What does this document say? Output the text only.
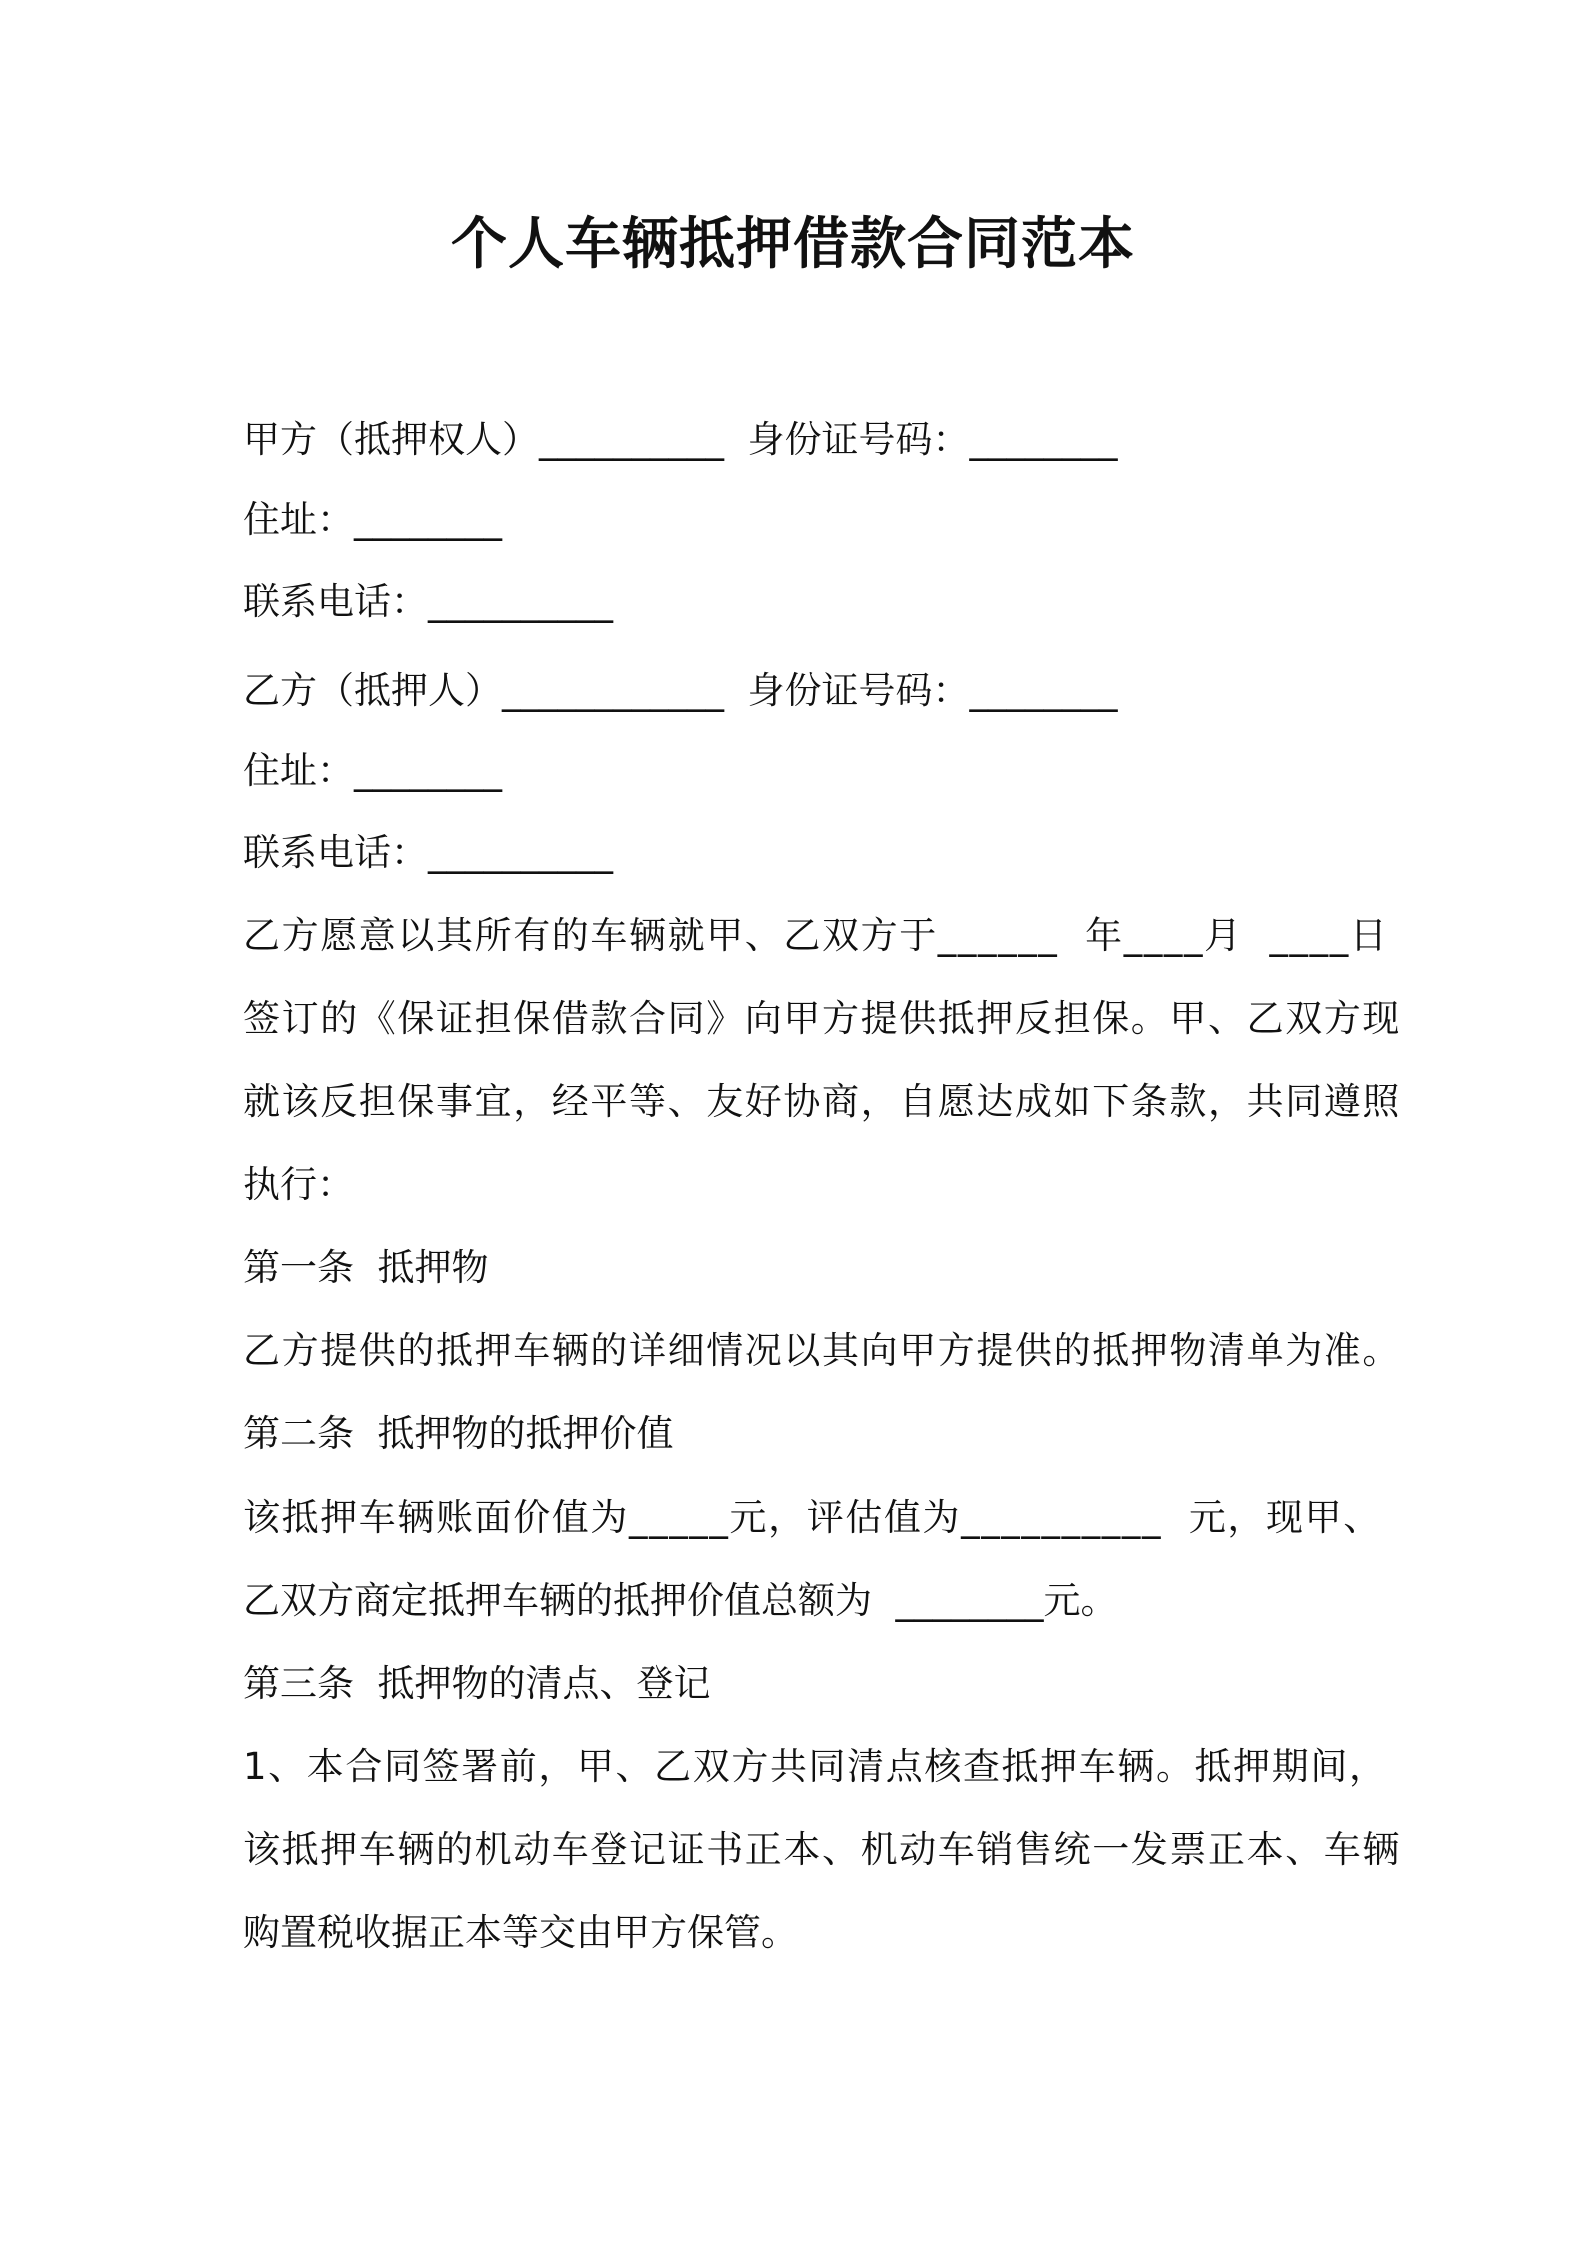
个人车辆抵押借款合同范本
甲方（抵押权人）__________  身份证号码：________
住址：________
联系电话：__________
乙方（抵押人）____________  身份证号码：________
住址：________
联系电话：__________
乙方愿意以其所有的车辆就甲、乙双方于______  年____月  ____日
签订的《保证担保借款合同》向甲方提供抵押反担保。甲、乙双方现
就该反担保事宜，经平等、友好协商，自愿达成如下条款，共同遵照
执行：
第一条  抵押物
乙方提供的抵押车辆的详细情况以其向甲方提供的抵押物清单为准。
第二条  抵押物的抵押价值
该抵押车辆账面价值为_____元，评估值为__________  元，现甲、
乙双方商定抵押车辆的抵押价值总额为  ________元。
第三条  抵押物的清点、登记
1、本合同签署前，甲、乙双方共同清点核查抵押车辆。抵押期间，
该抵押车辆的机动车登记证书正本、机动车销售统一发票正本、车辆
购置税收据正本等交由甲方保管。
